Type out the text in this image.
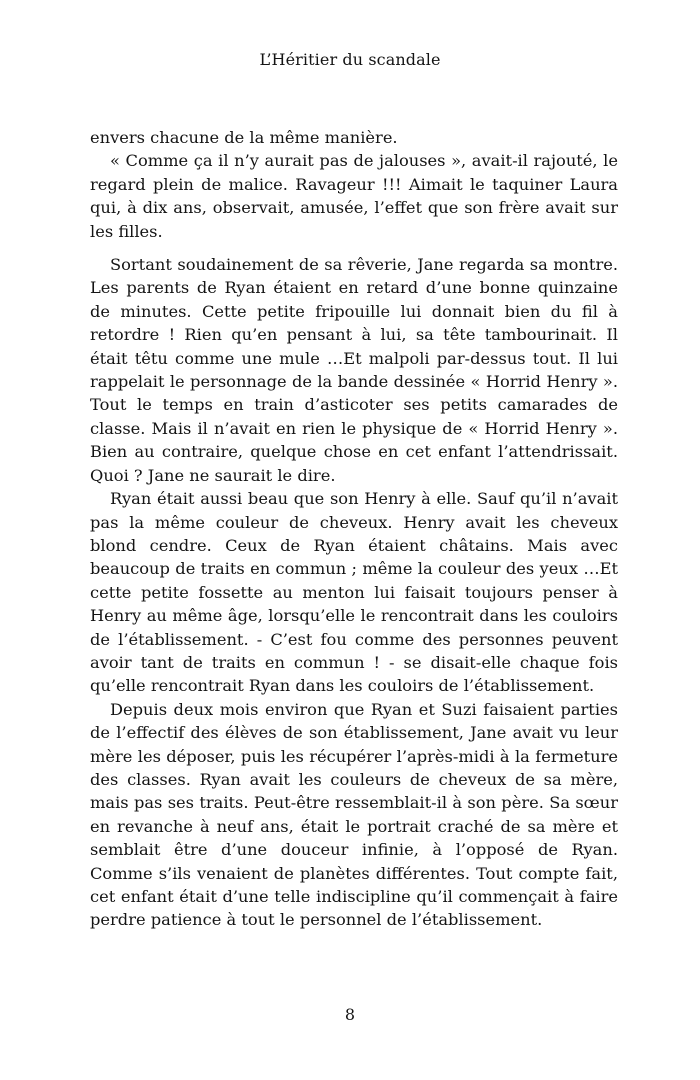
L’Héritier du scandale

envers chacune de la même manière.

« Comme ça il n’y aurait pas de jalouses », avait-il rajouté, le regard plein de malice. Ravageur !!! Aimait le taquiner Laura qui, à dix ans, observait, amusée, l’effet que son frère avait sur les filles.

Sortant soudainement de sa rêverie, Jane regarda sa montre. Les parents de Ryan étaient en retard d’une bonne quinzaine de minutes. Cette petite fripouille lui donnait bien du fil à retordre ! Rien qu’en pensant à lui, sa tête tambourinait. Il était têtu comme une mule …Et malpoli par-dessus tout. Il lui rappelait le personnage de la bande dessinée « Horrid Henry ». Tout le temps en train d’asticoter ses petits camarades de classe. Mais il n’avait en rien le physique de « Horrid Henry ». Bien au contraire, quelque chose en cet enfant l’attendrissait. Quoi ? Jane ne saurait le dire.

Ryan était aussi beau que son Henry à elle. Sauf qu’il n’avait pas la même couleur de cheveux. Henry avait les cheveux blond cendre. Ceux de Ryan étaient châtains. Mais avec beaucoup de traits en commun ; même la couleur des yeux …Et cette petite fossette au menton lui faisait toujours penser à Henry au même âge, lorsqu’elle le rencontrait dans les couloirs de l’établissement. - C’est fou comme des personnes peuvent avoir tant de traits en commun ! - se disait-elle chaque fois qu’elle rencontrait Ryan dans les couloirs de l’établissement.

Depuis deux mois environ que Ryan et Suzi faisaient parties de l’effectif des élèves de son établissement, Jane avait vu leur mère les déposer, puis les récupérer l’après-midi à la fermeture des classes. Ryan avait les couleurs de cheveux de sa mère, mais pas ses traits. Peut-être ressemblait-il à son père. Sa sœur en revanche à neuf ans, était le portrait craché de sa mère et semblait être d’une douceur infinie, à l’opposé de Ryan. Comme s’ils venaient de planètes différentes. Tout compte fait, cet enfant était d’une telle indiscipline qu’il commençait à faire perdre patience à tout le personnel de l’établissement.

8
